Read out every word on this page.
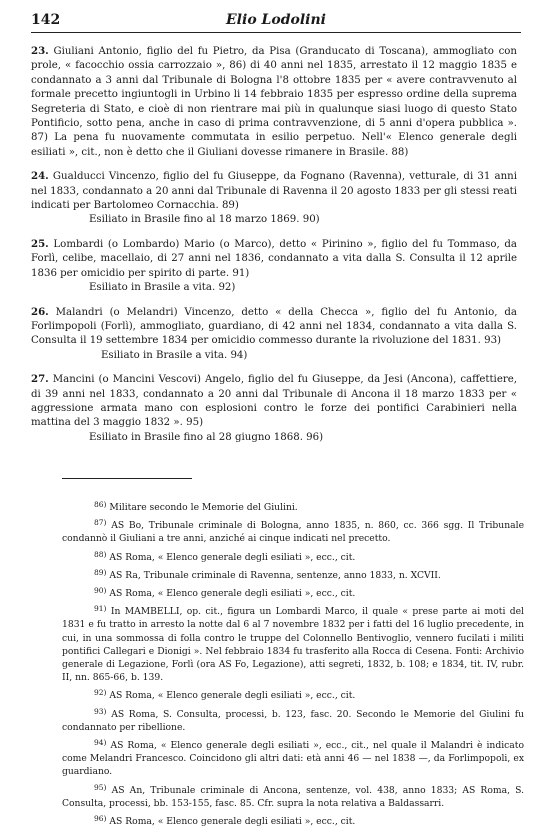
142	Elio Lodolini
23. Giuliani Antonio, figlio del fu Pietro, da Pisa (Granducato di Toscana), ammogliato con prole, « facocchio ossia carrozzaio », 86) di 40 anni nel 1835, arrestato il 12 maggio 1835 e condannato a 3 anni dal Tribunale di Bologna l'8 ottobre 1835 per « avere contravvenuto al formale precetto ingiuntogli in Urbino li 14 febbraio 1835 per espresso ordine della suprema Segreteria di Stato, e cioè di non rientrare mai più in qualunque siasi luogo di questo Stato Pontificio, sotto pena, anche in caso di prima contravvenzione, di 5 anni d'opera pubblica ». 87) La pena fu nuovamente commutata in esilio perpetuo. Nell'« Elenco generale degli esiliati », cit., non è detto che il Giuliani dovesse rimanere in Brasile. 88)
24. Gualducci Vincenzo, figlio del fu Giuseppe, da Fognano (Ravenna), vetturale, di 31 anni nel 1833, condannato a 20 anni dal Tribunale di Ravenna il 20 agosto 1833 per gli stessi reati indicati per Bartolomeo Cornacchia. 89)
Esiliato in Brasile fino al 18 marzo 1869. 90)
25. Lombardi (o Lombardo) Mario (o Marco), detto « Pirinino », figlio del fu Tommaso, da Forlì, celibe, macellaio, di 27 anni nel 1836, condannato a vita dalla S. Consulta il 12 aprile 1836 per omicidio per spirito di parte. 91)
Esiliato in Brasile a vita. 92)
26. Malandri (o Melandri) Vincenzo, detto « della Checca », figlio del fu Antonio, da Forlimpopoli (Forlì), ammogliato, guardiano, di 42 anni nel 1834, condannato a vita dalla S. Consulta il 19 settembre 1834 per omicidio commesso durante la rivoluzione del 1831. 93)
Esiliato in Brasile a vita. 94)
27. Mancini (o Mancini Vescovi) Angelo, figlio del fu Giuseppe, da Jesi (Ancona), caffettiere, di 39 anni nel 1833, condannato a 20 anni dal Tribunale di Ancona il 18 marzo 1833 per « aggressione armata mano con esplosioni contro le forze dei pontifici Carabinieri nella mattina del 3 maggio 1832 ». 95)
Esiliato in Brasile fino al 28 giugno 1868. 96)
86) Militare secondo le Memorie del Giulini.
87) AS Bo, Tribunale criminale di Bologna, anno 1835, n. 860, cc. 366 sgg. Il Tribunale condannò il Giuliani a tre anni, anziché ai cinque indicati nel precetto.
88) AS Roma, « Elenco generale degli esiliati », ecc., cit.
89) AS Ra, Tribunale criminale di Ravenna, sentenze, anno 1833, n. XCVII.
90) AS Roma, « Elenco generale degli esiliati », ecc., cit.
91) In MAMBELLI, op. cit., figura un Lombardi Marco, il quale « prese parte ai moti del 1831 e fu tratto in arresto la notte dal 6 al 7 novembre 1832 per i fatti del 16 luglio precedente, in cui, in una sommossa di folla contro le truppe del Colonnello Bentivoglio, vennero fucilati i militi pontifici Callegari e Dionigi ». Nel febbraio 1834 fu trasferito alla Rocca di Cesena. Fonti: Archivio generale di Legazione, Forlì (ora AS Fo, Legazione), atti segreti, 1832, b. 108; e 1834, tit. IV, rubr. II, nn. 865-66, b. 139.
92) AS Roma, « Elenco generale degli esiliati », ecc., cit.
93) AS Roma, S. Consulta, processi, b. 123, fasc. 20. Secondo le Memorie del Giulini fu condannato per ribellione.
94) AS Roma, « Elenco generale degli esiliati », ecc., cit., nel quale il Malandri è indicato come Melandri Francesco. Coincidono gli altri dati: età anni 46 — nel 1838 —, da Forlimpopoli, ex guardiano.
95) AS An, Tribunale criminale di Ancona, sentenze, vol. 438, anno 1833; AS Roma, S. Consulta, processi, bb. 153-155, fasc. 85. Cfr. supra la nota relativa a Baldassarri.
96) AS Roma, « Elenco generale degli esiliati », ecc., cit.
